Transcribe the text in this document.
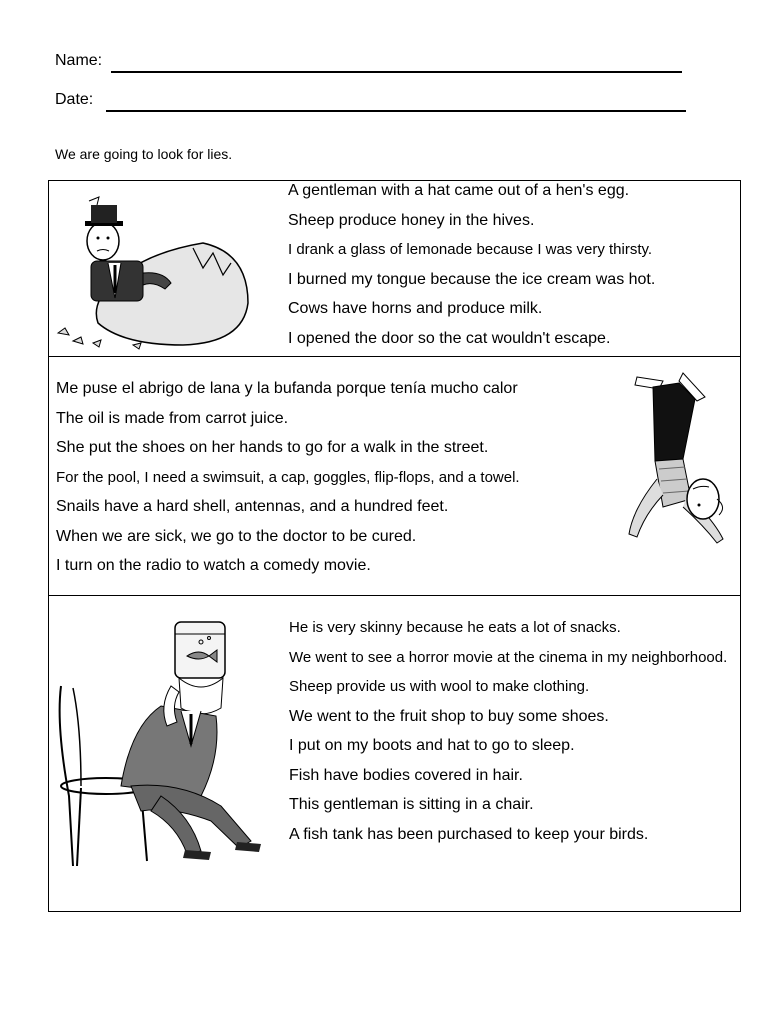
Name:
Date:
We are going to look for lies.
A gentleman with a hat came out of a hen's egg.
Sheep produce honey in the hives.
I drank a glass of lemonade because I was very thirsty.
I burned my tongue because the ice cream was hot.
Cows have horns and produce milk.
I opened the door so the cat wouldn't escape.
Me puse el abrigo de lana y la bufanda porque tenía mucho calor
The oil is made from carrot juice.
She put the shoes on her hands to go for a walk in the street.
For the pool, I need a swimsuit, a cap, goggles, flip-flops, and a towel.
Snails have a hard shell, antennas, and a hundred feet.
When we are sick, we go to the doctor to be cured.
I turn on the radio to watch a comedy movie.
He is very skinny because he eats a lot of snacks.
We went to see a horror movie at the cinema in my neighborhood.
Sheep provide us with wool to make clothing.
We went to the fruit shop to buy some shoes.
I put on my boots and hat to go to sleep.
Fish have bodies covered in hair.
This gentleman is sitting in a chair.
A fish tank has been purchased to keep your birds.
